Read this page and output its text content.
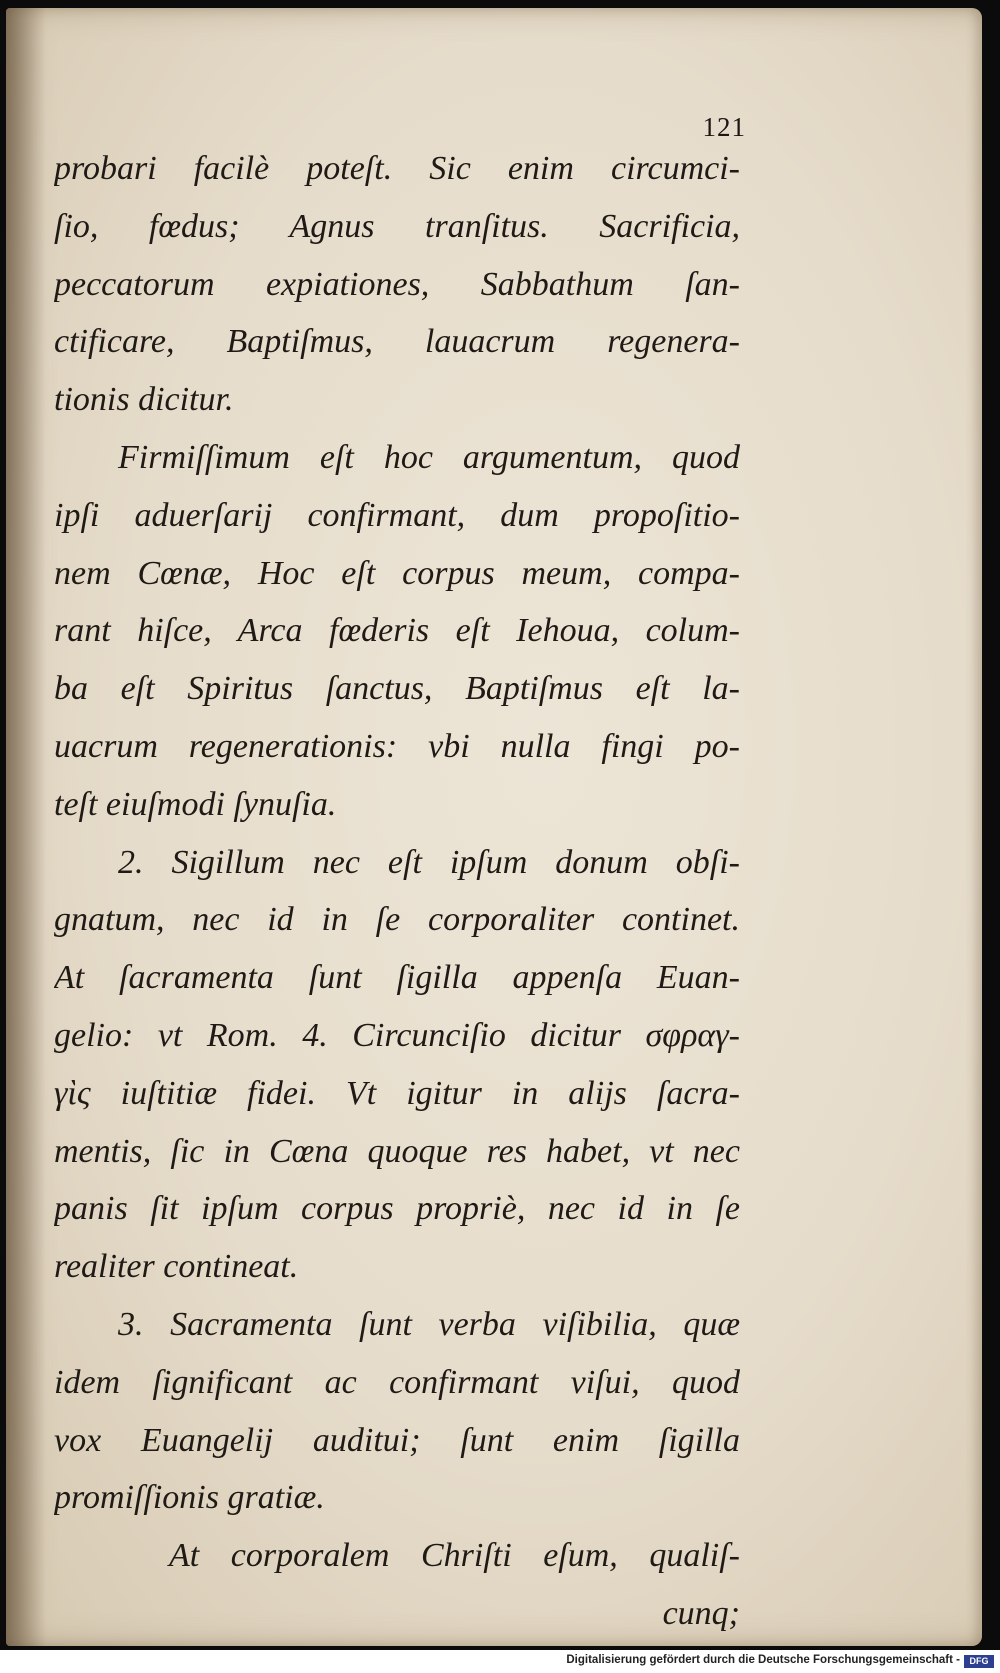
121
probari facilè poteſt. Sic enim circumci-
ſio, fœdus; Agnus tranſitus. Sacrificia,
peccatorum expiationes, Sabbathum ſan-
ctificare, Baptiſmus, lauacrum regenera-
tionis dicitur.
Firmiſſimum eſt hoc argumentum, quod
ipſi aduerſarij confirmant, dum propoſitio-
nem Cœnæ, Hoc eſt corpus meum, compa-
rant hiſce, Arca fœderis eſt Iehoua, colum-
ba eſt Spiritus ſanctus, Baptiſmus eſt la-
uacrum regenerationis: vbi nulla fingi po-
teſt eiuſmodi ſynuſia.
2. Sigillum nec eſt ipſum donum obſi-
gnatum, nec id in ſe corporaliter continet.
At ſacramenta ſunt ſigilla appenſa Euan-
gelio: vt Rom. 4. Circunciſio dicitur σφραγ-
γὶς iuſtitiæ fidei. Vt igitur in alijs ſacra-
mentis, ſic in Cœna quoque res habet, vt nec
panis ſit ipſum corpus propriè, nec id in ſe
realiter contineat.
3. Sacramenta ſunt verba viſibilia, quæ
idem ſignificant ac confirmant viſui, quod
vox Euangelij auditui; ſunt enim ſigilla
promiſſionis gratiæ.
At corporalem Chriſti eſum, qualiſ-
cunq;
Digitalisierung gefördert durch die Deutsche Forschungsgemeinschaft -	DFG
